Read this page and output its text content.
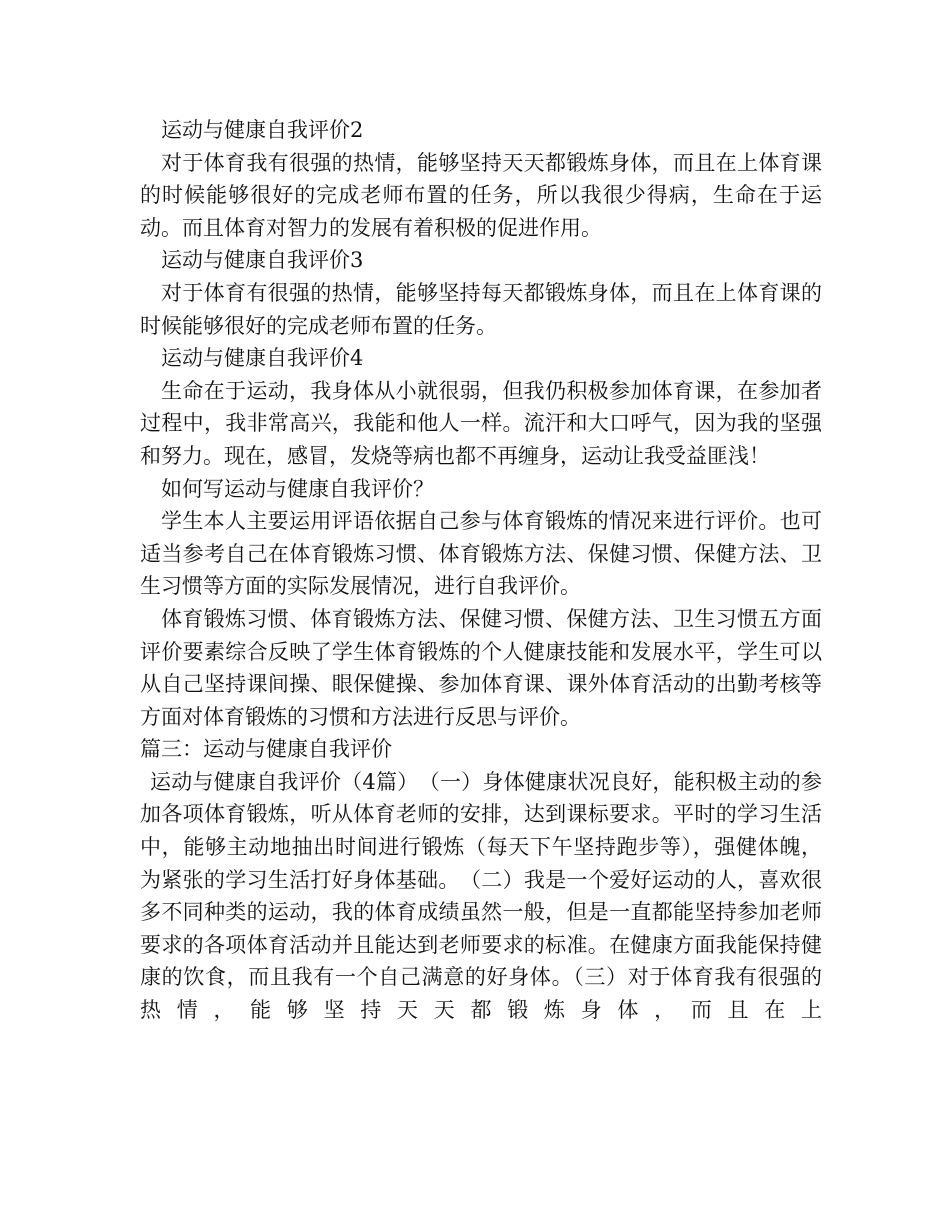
运动与健康自我评价2

对于体育我有很强的热情，能够坚持天天都锻炼身体，而且在上体育课的时候能够很好的完成老师布置的任务，所以我很少得病，生命在于运动。而且体育对智力的发展有着积极的促进作用。

运动与健康自我评价3

对于体育有很强的热情，能够坚持每天都锻炼身体，而且在上体育课的时候能够很好的完成老师布置的任务。

运动与健康自我评价4

生命在于运动，我身体从小就很弱，但我仍积极参加体育课，在参加者过程中，我非常高兴，我能和他人一样。流汗和大口呼气，因为我的坚强和努力。现在，感冒，发烧等病也都不再缠身，运动让我受益匪浅！

如何写运动与健康自我评价？

学生本人主要运用评语依据自己参与体育锻炼的情况来进行评价。也可适当参考自己在体育锻炼习惯、体育锻炼方法、保健习惯、保健方法、卫生习惯等方面的实际发展情况，进行自我评价。

体育锻炼习惯、体育锻炼方法、保健习惯、保健方法、卫生习惯五方面评价要素综合反映了学生体育锻炼的个人健康技能和发展水平，学生可以从自己坚持课间操、眼保健操、参加体育课、课外体育活动的出勤考核等方面对体育锻炼的习惯和方法进行反思与评价。

篇三：运动与健康自我评价

运动与健康自我评价（4篇）　（一）身体健康状况良好，能积极主动的参加各项体育锻炼，听从体育老师的安排，达到课标要求。平时的学习生活中，能够主动地抽出时间进行锻炼（每天下午坚持跑步等），强健体魄，为紧张的学习生活打好身体基础。　（二）我是一个爱好运动的人，喜欢很多不同种类的运动，我的体育成绩虽然一般，但是一直都能坚持参加老师要求的各项体育活动并且能达到老师要求的标准。在健康方面我能保持健康的饮食，而且我有一个自己满意的好身体。（三）对于体育我有很强的热情，能够坚持天天都锻炼身体，而且在上
